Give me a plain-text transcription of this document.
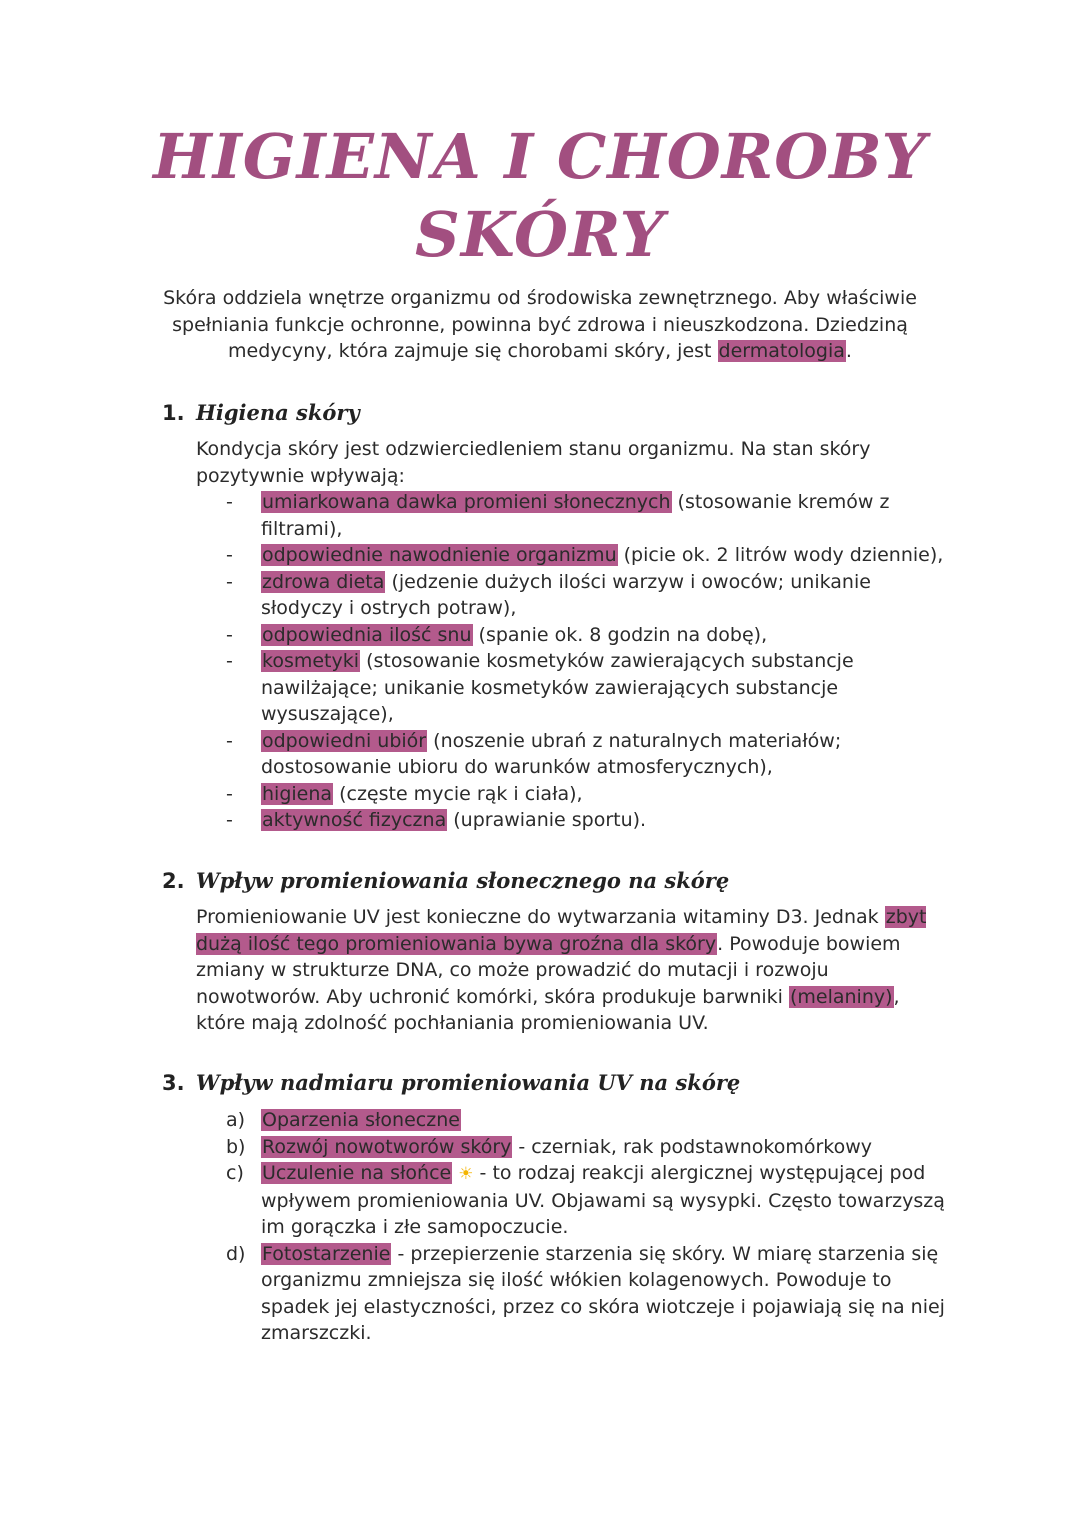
HIGIENA I CHOROBY
SKÓRY
Skóra oddziela wnętrze organizmu od środowiska zewnętrznego. Aby właściwie spełniania funkcje ochronne, powinna być zdrowa i nieuszkodzona. Dziedziną medycyny, która zajmuje się chorobami skóry, jest dermatologia.
1. Higiena skóry
Kondycja skóry jest odzwierciedleniem stanu organizmu. Na stan skóry pozytywnie wpływają:
-	umiarkowana dawka promieni słonecznych (stosowanie kremów z filtrami),
-	odpowiednie nawodnienie organizmu (picie ok. 2 litrów wody dziennie),
-	zdrowa dieta (jedzenie dużych ilości warzyw i owoców; unikanie słodyczy i ostrych potraw),
-	odpowiednia ilość snu (spanie ok. 8 godzin na dobę),
-	kosmetyki (stosowanie kosmetyków zawierających substancje nawilżające; unikanie kosmetyków zawierających substancje wysuszające),
-	odpowiedni ubiór (noszenie ubrań z naturalnych materiałów; dostosowanie ubioru do warunków atmosferycznych),
-	higiena (częste mycie rąk i ciała),
-	aktywność fizyczna (uprawianie sportu).
2. Wpływ promieniowania słonecznego na skórę
Promieniowanie UV jest konieczne do wytwarzania witaminy D3. Jednak zbyt dużą ilość tego promieniowania bywa groźna dla skóry. Powoduje bowiem zmiany w strukturze DNA, co może prowadzić do mutacji i rozwoju nowotworów. Aby uchronić komórki, skóra produkuje barwniki (melaniny), które mają zdolność pochłaniania promieniowania UV.
3. Wpływ nadmiaru promieniowania UV na skórę
a) Oparzenia słoneczne
b) Rozwój nowotworów skóry - czerniak, rak podstawnokomórkowy
c) Uczulenie na słońce ☀ - to rodzaj reakcji alergicznej występującej pod wpływem promieniowania UV. Objawami są wysypki. Często towarzyszą im gorączka i złe samopoczucie.
d) Fotostarzenie - przepierzenie starzenia się skóry. W miarę starzenia się organizmu zmniejsza się ilość włókien kolagenowych. Powoduje to spadek jej elastyczności, przez co skóra wiotczeje i pojawiają się na niej zmarszczki.
